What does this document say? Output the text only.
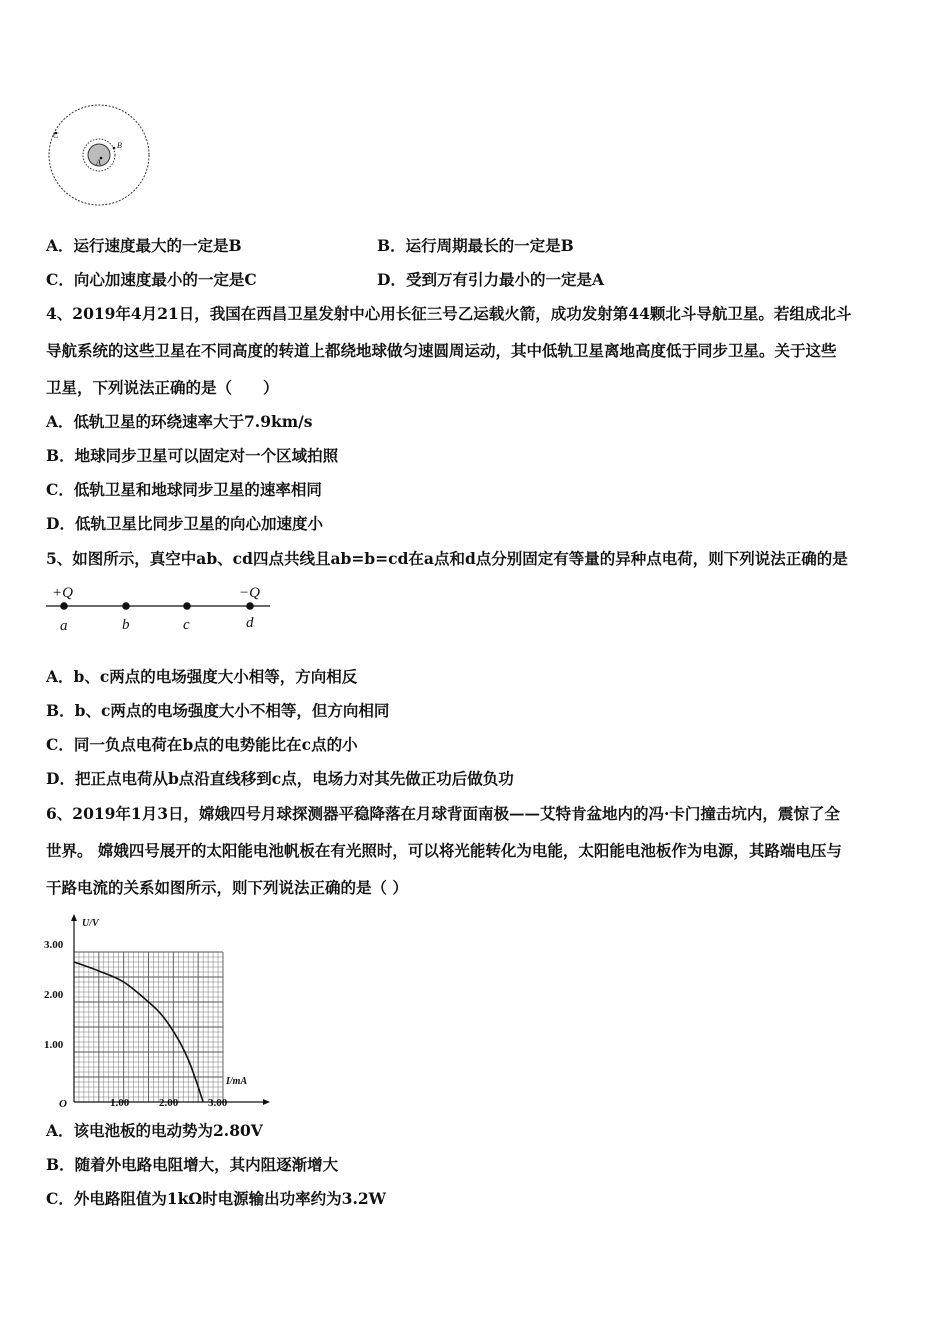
A
B
C
A．运行速度最大的一定是B	B．运行周期最长的一定是B
C．向心加速度最小的一定是C	D．受到万有引力最小的一定是A
4、2019年4月21日，我国在西昌卫星发射中心用长征三号乙运载火箭，成功发射第44颗北斗导航卫星。若组成北斗
导航系统的这些卫星在不同高度的转道上都绕地球做匀速圆周运动，其中低轨卫星离地高度低于同步卫星。关于这些
卫星，下列说法正确的是（　　）
A．低轨卫星的环绕速率大于7.9km/s
B．地球同步卫星可以固定对一个区域拍照
C．低轨卫星和地球同步卫星的速率相同
D．低轨卫星比同步卫星的向心加速度小
5、如图所示，真空中ab、cd四点共线且ab=b=cd在a点和d点分别固定有等量的异种点电荷，则下列说法正确的是
+Q	−Q
a	b	c	d
A．b、c两点的电场强度大小相等，方向相反
B．b、c两点的电场强度大小不相等，但方向相同
C．同一负点电荷在b点的电势能比在c点的小
D．把正点电荷从b点沿直线移到c点，电场力对其先做正功后做负功
6、2019年1月3日，嫦娥四号月球探测器平稳降落在月球背面南极——艾特肯盆地内的冯·卡门撞击坑内，震惊了全
世界。 嫦娥四号展开的太阳能电池帆板在有光照时，可以将光能转化为电能，太阳能电池板作为电源，其路端电压与
干路电流的关系如图所示，则下列说法正确的是（ ）
U/V
I/mA
O	1.00	2.00	3.00
1.00
2.00
3.00
A．该电池板的电动势为2.80V
B．随着外电路电阻增大，其内阻逐渐增大
C．外电路阻值为1kΩ时电源输出功率约为3.2W
